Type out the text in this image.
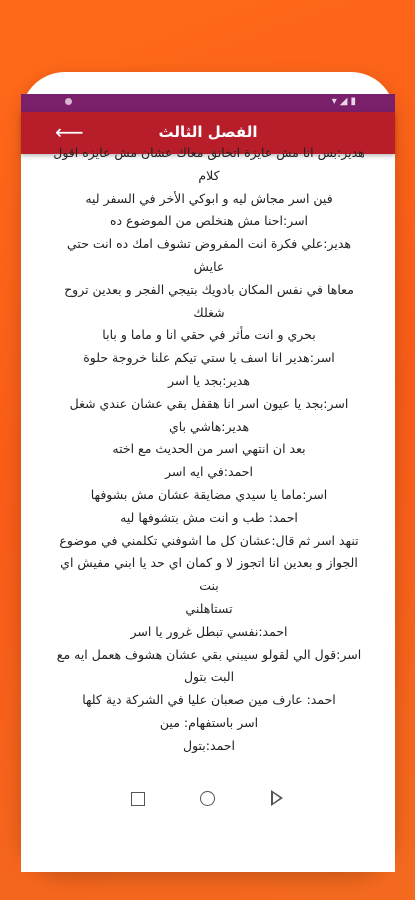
▾◢▮
⟵	الفصل الثالث

هدير:بس انا مش عايزة اتخانق معاك عشان مش عايزه اقول كلام

فين اسر مجاش ليه و ابوكي الأخر في السفر ليه

اسر:احنا مش هنخلص من الموضوع ده

هدير:علي فكرة انت المفروض تشوف امك ده انت حتي عايش

معاها في نفس المكان بادويك بتيجي الفجر و بعدين تروح شغلك

بحري و انت مأثر في حقي انا و ماما و بابا

اسر:هدير انا اسف يا ستي تيكم علنا خروجة حلوة

هدير:بجد يا اسر

اسر:بجد يا عيون اسر انا هقفل بقي عشان عندي شغل

هدير:هاشي باي

بعد ان انتهي اسر من الحديث مع اخته

احمد:في ايه اسر

اسر:ماما يا سيدي مضايقة عشان مش بشوفها

احمد: طب و انت مش بتشوفها ليه

تنهد اسر ثم قال:عشان كل ما اشوفني تكلمني في موضوع

الجواز و بعدين انا اتجوز لا و كمان اي حد يا ابني مفيش اي بنت

تستاهلني

احمد:نفسي تبطل غرور يا اسر

اسر:قول الي لقولو سيبني بقي عشان هشوف هعمل ايه مع

البت بتول

احمد: عارف مين صعبان عليا في الشركة دية كلها

اسر باستفهام: مين

احمد:بتول
